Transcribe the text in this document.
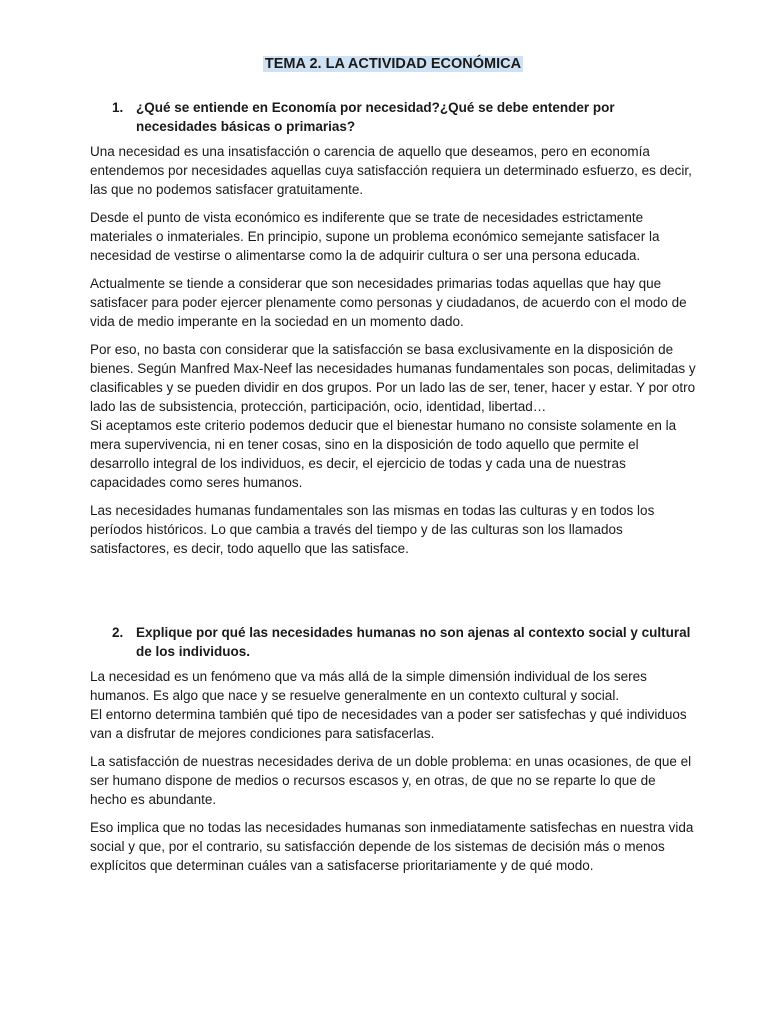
TEMA 2. LA ACTIVIDAD ECONÓMICA
1. ¿Qué se entiende en Economía por necesidad?¿Qué se debe entender por necesidades básicas o primarias?

Una necesidad es una insatisfacción o carencia de aquello que deseamos, pero en economía entendemos por necesidades aquellas cuya satisfacción requiera un determinado esfuerzo, es decir, las que no podemos satisfacer gratuitamente.

Desde el punto de vista económico es indiferente que se trate de necesidades estrictamente materiales o inmateriales. En principio, supone un problema económico semejante satisfacer la necesidad de vestirse o alimentarse como la de adquirir cultura o ser una persona educada.

Actualmente se tiende a considerar que son necesidades primarias todas aquellas que hay que satisfacer para poder ejercer plenamente como personas y ciudadanos, de acuerdo con el modo de vida de medio imperante en la sociedad en un momento dado.

Por eso, no basta con considerar que la satisfacción se basa exclusivamente en la disposición de bienes. Según Manfred Max-Neef las necesidades humanas fundamentales son pocas, delimitadas y clasificables y se pueden dividir en dos grupos. Por un lado las de ser, tener, hacer y estar. Y por otro lado las de subsistencia, protección, participación, ocio, identidad, libertad…

Si aceptamos este criterio podemos deducir que el bienestar humano no consiste solamente en la mera supervivencia, ni en tener cosas, sino en la disposición de todo aquello que permite el desarrollo integral de los individuos, es decir, el ejercicio de todas y cada una de nuestras capacidades como seres humanos.

Las necesidades humanas fundamentales son las mismas en todas las culturas y en todos los períodos históricos. Lo que cambia a través del tiempo y de las culturas son los llamados satisfactores, es decir, todo aquello que las satisface.

2. Explique por qué las necesidades humanas no son ajenas al contexto social y cultural de los individuos.

La necesidad es un fenómeno que va más allá de la simple dimensión individual de los seres humanos. Es algo que nace y se resuelve generalmente en un contexto cultural y social.

El entorno determina también qué tipo de necesidades van a poder ser satisfechas y qué individuos van a disfrutar de mejores condiciones para satisfacerlas.

La satisfacción de nuestras necesidades deriva de un doble problema: en unas ocasiones, de que el ser humano dispone de medios o recursos escasos y, en otras, de que no se reparte lo que de hecho es abundante.

Eso implica que no todas las necesidades humanas son inmediatamente satisfechas en nuestra vida social y que, por el contrario, su satisfacción depende de los sistemas de decisión más o menos explícitos que determinan cuáles van a satisfacerse prioritariamente y de qué modo.
